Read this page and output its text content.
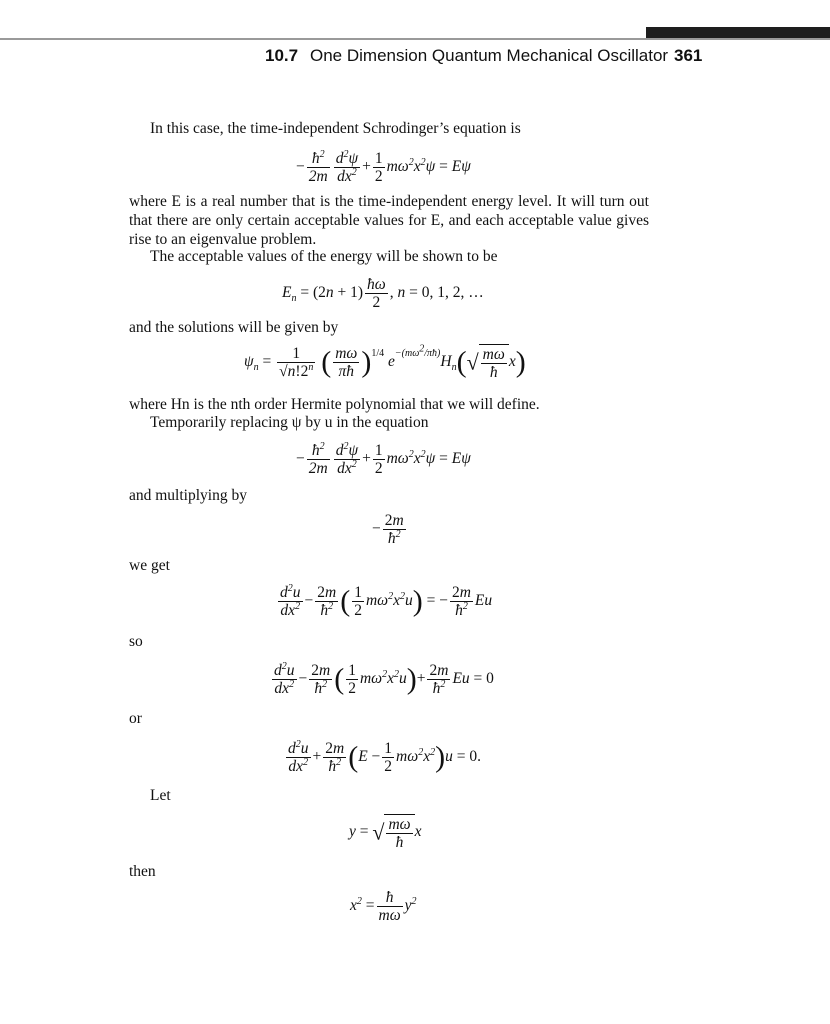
10.7 One Dimension Quantum Mechanical Oscillator 361
In this case, the time-independent Schrodinger’s equation is
− $\frac{ħ^2}{2m} \frac{d^2\psi}{dx^2} + \frac{1}{2} m\omega^2x^2\psi = E\psi$
where E is a real number that is the time-independent energy level. It will turn out that there are only certain acceptable values for E, and each acceptable value gives rise to an eigenvalue problem.
The acceptable values of the energy will be shown to be
$E_n = (2n + 1) \frac{ħ\omega}{2}$ , n = 0, 1, 2, …
and the solutions will be given by
$\psi_n = \frac{1}{√n!2^n}$ ( $\frac{m\omega}{\pi ħ} )^{1/4}$ $e^{-(m\omega^2/\pi ħ)}H_n(√ \frac{m\omega}{ħ} x)$
where Hn is the nth order Hermite polynomial that we will define.
Temporarily replacing ψ by u in the equation
− $\frac{ħ^2}{2m} \frac{d^2\psi}{dx^2} + \frac{1}{2} m\omega^2x^2\psi = E\psi$
and multiplying by
− $\frac{2m}{ħ^2}$
we get
$\frac{d^2u}{dx^2} - \frac{2m}{ħ^2}$ ( $\frac{1}{2} m\omega^2x^2u$) = − $\frac{2m}{ħ^2}$ Eu
so
$\frac{d^2u}{dx^2} - \frac{2m}{ħ^2}$ ( $\frac{1}{2} m\omega^2x^2u)+ \frac{2m}{ħ^2}$ Eu = 0
or
$\frac{d^2u}{dx^2} + \frac{2m}{ħ^2} (E - \frac{1}{2} m\omega^2x^2)u = 0$.
Let
y = √ $\frac{m\omega}{ħ}$ x
then
$x^2 = \frac{ħ}{m\omega} y^2$
